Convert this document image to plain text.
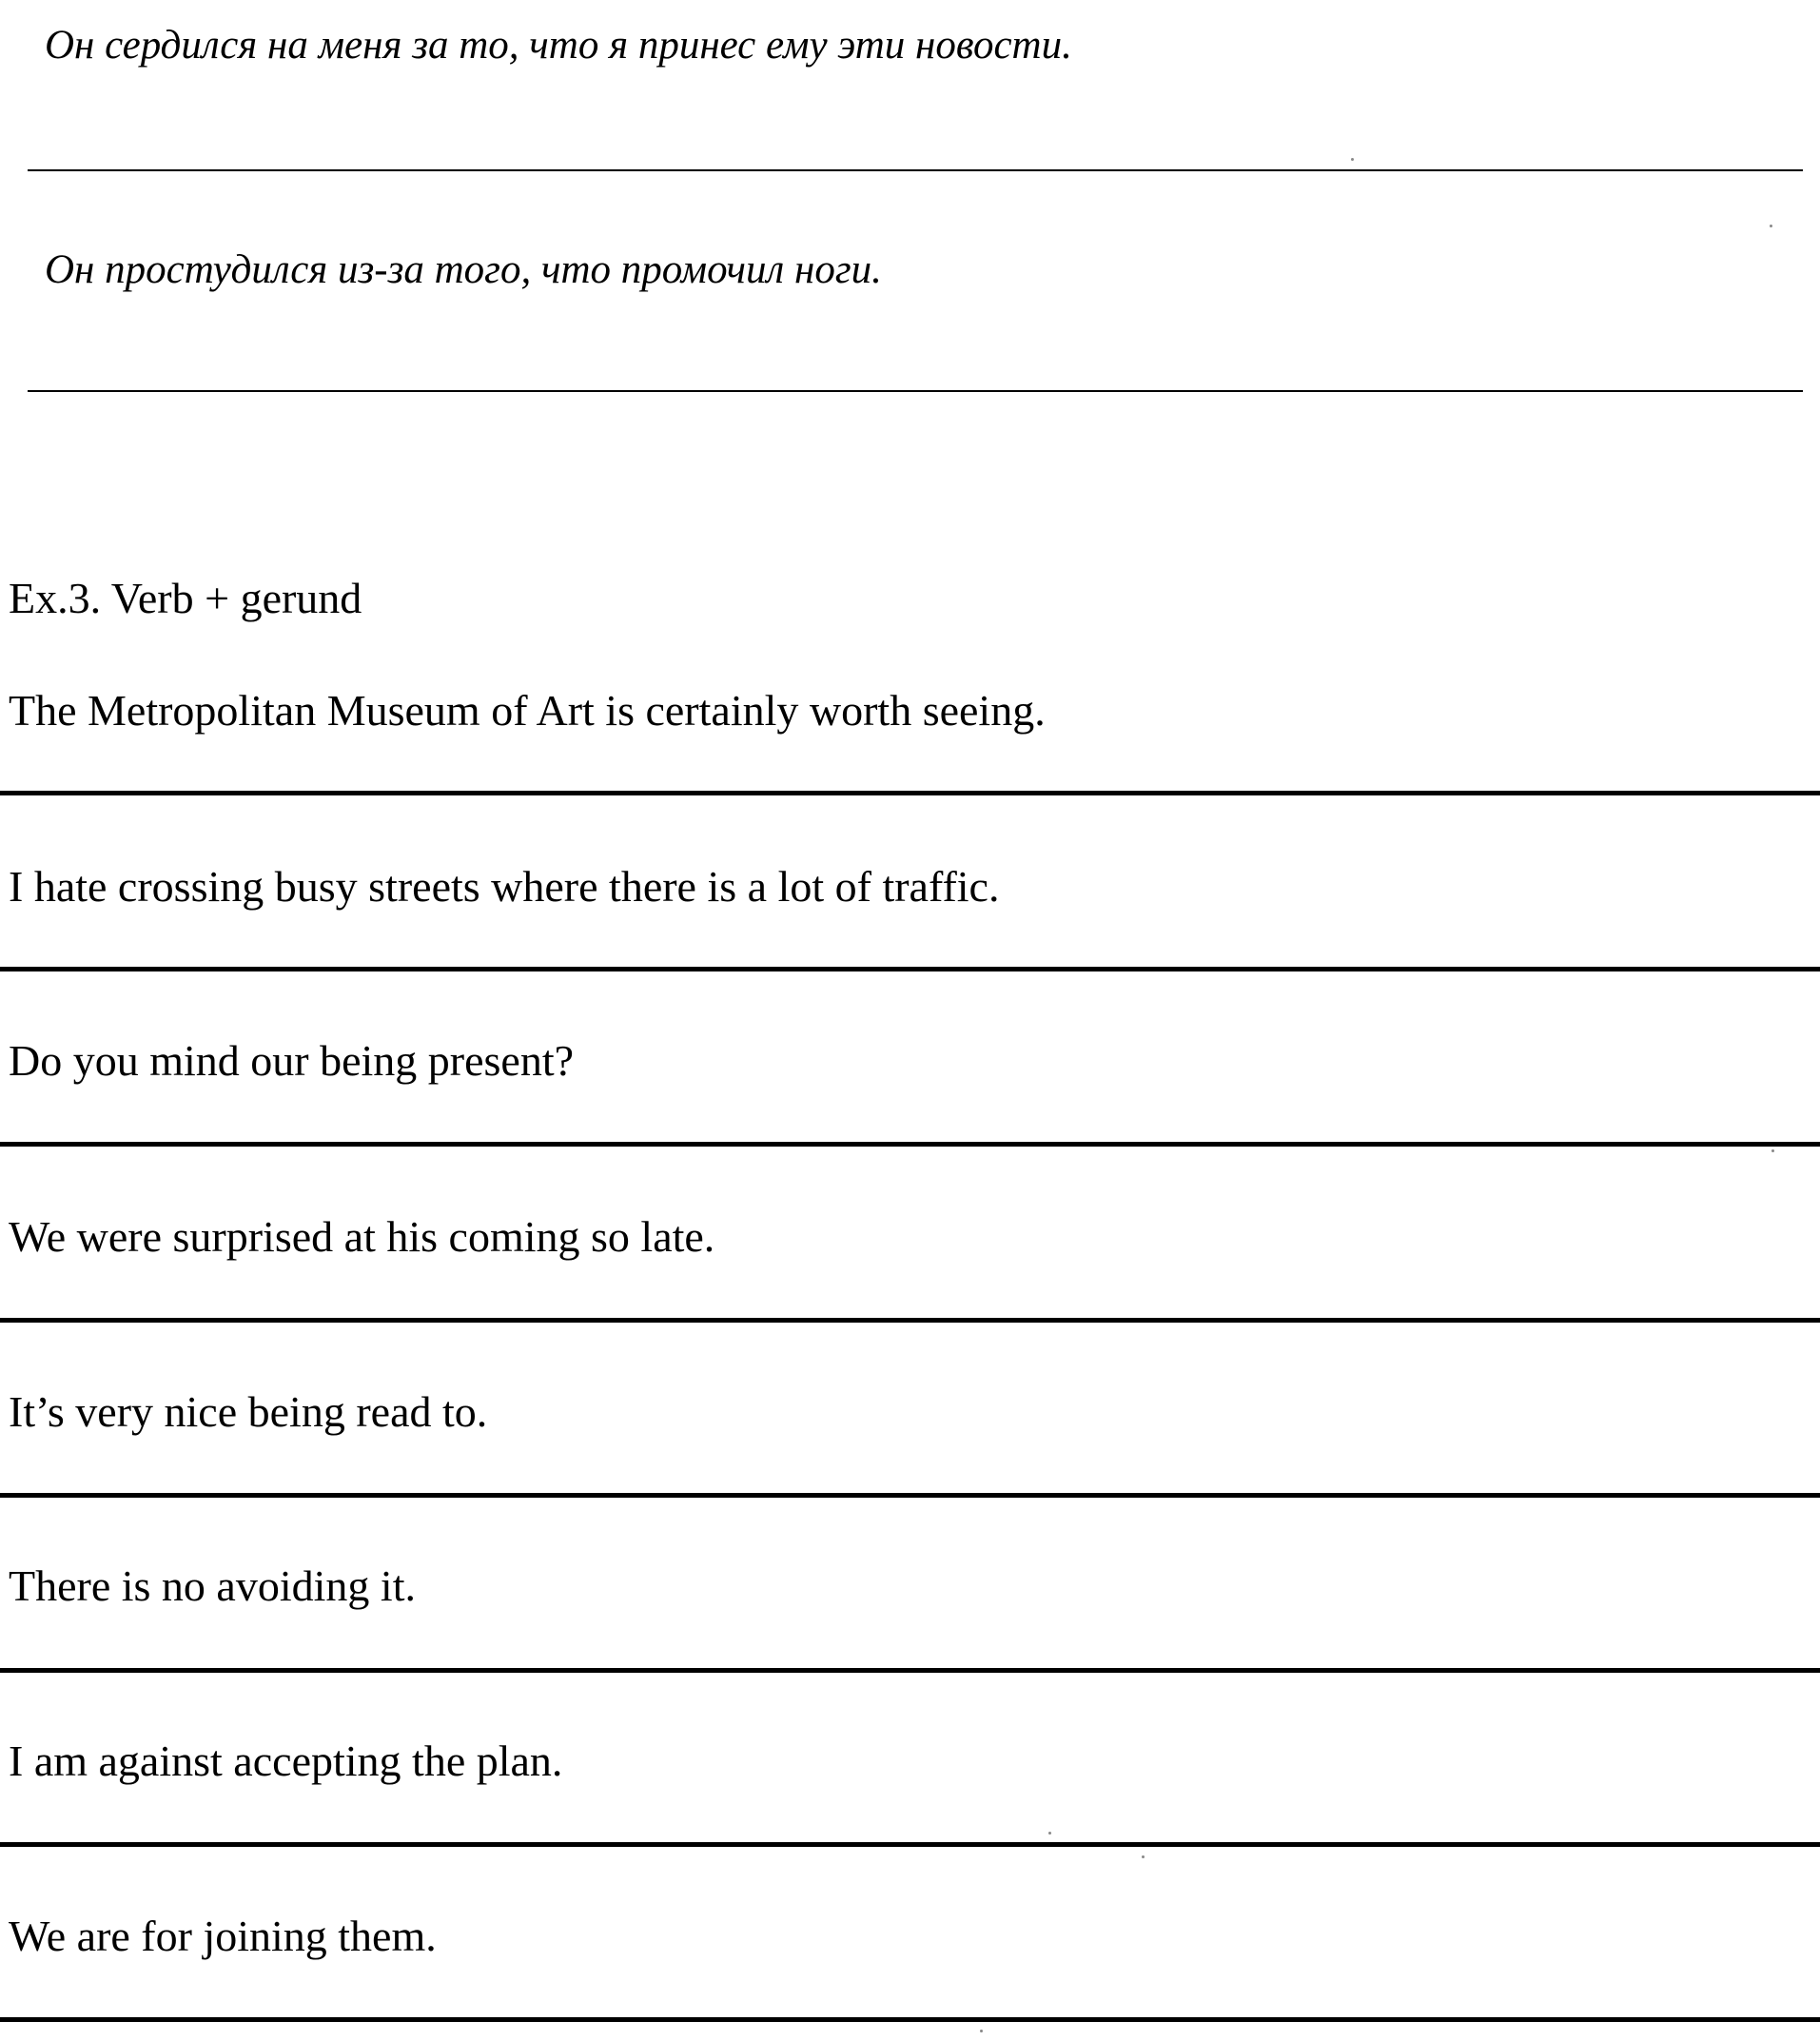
Он сердился на меня за то, что я принес ему эти новости.
Он простудился из-за того, что промочил ноги.
Ex.3. Verb + gerund
The Metropolitan Museum of Art is certainly worth seeing.
I hate crossing busy streets where there is a lot of traffic.
Do you mind our being present?
We were surprised at his coming so late.
It’s very nice being read to.
There is no avoiding it.
I am against accepting the plan.
We are for joining them.
